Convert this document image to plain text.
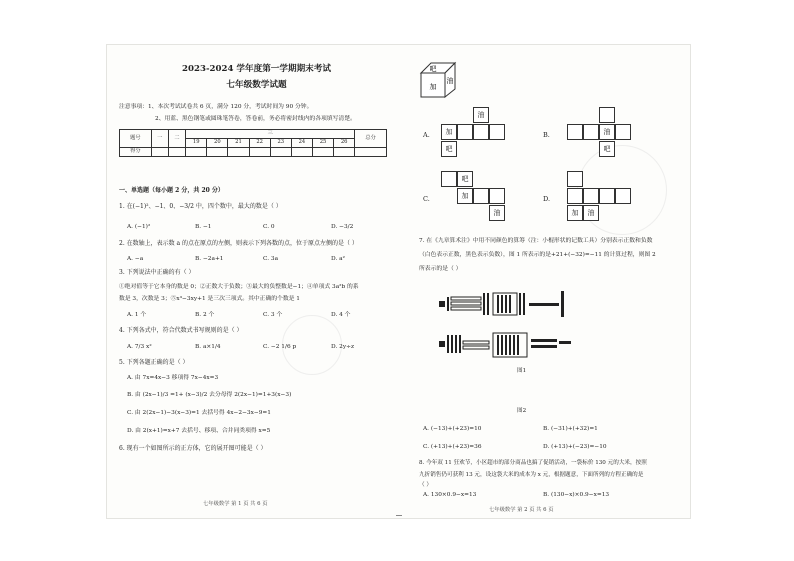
2023-2024 学年度第一学期期末考试
七年级数学试题
注意事项：1、本次考试试卷共 6 页，满分 120 分，考试时间为 90 分钟。
2、用蓝、黑色钢笔或圆珠笔答卷，答卷前，务必将密封线内的各项填写清楚。
题号	一	二	三								总分
			19	20	21	22	23	24	25	26	
得分											
一、单选题（每小题 2 分，共 20 分）
1. 在(−1)²、−1、0、−3/2 中，四个数中，最大的数是（ ）
A. (−1)²	B. −1	C. 0	D. −3/2
2. 在数轴上，表示数 a 的点在原点的左侧，则表示下列各数的点，位于原点左侧的是（ ）
A. −a	B. −2a+1	C. 3a	D. a²
3. 下列说法中正确的有（ ）
①绝对值等于它本身的数是 0；②正数大于负数；③最大的负整数是−1；④单项式 3a²b 的系
数是 3，次数是 3；⑤x³−3xy+1 是三次三项式。其中正确的个数是 1
A. 1 个	B. 2 个	C. 3 个	D. 4 个
4. 下列各式中，符合代数式书写规则的是（ ）
A. 7/3 x²	B. a×1/4	C. −2 1/6 p	D. 2y÷z
5. 下列各题正确的是（ ）
A. 由 7x=4x−3 移项得 7x−4x=3
B. 由 (2x−1)/3 =1+ (x−3)/2 去分母得 2(2x−1)=1+3(x−3)
C. 由 2(2x−1)−3(x−3)=1 去括号得 4x−2−3x−9=1
D. 由 2(x+1)=x+7 去括号、移项、合并同类项得 x=5
6. 现有一个如图所示的正方体，它的展开图可能是（ ）
七年级数学 第 1 页 共 6 页
吧
油
加
A.
油
加
吧
B.	油
吧
C.
吧
加
油
D.
加	油
7. 在《九章算术注》中用不同颜色的算筹（注：小棍形状的记数工具）分别表示正数和负数
（白色表示正数，黑色表示负数），图 1 所表示的是+21+(−32)=−11 的计算过程，则图 2
所表示的是（ ）
图1
图2
A. (−13)+(+23)=10	B. (−31)+(+32)=1
C. (+13)+(+23)=36	D. (+13)+(−23)=−10
8. 今年双 11 狂欢节，小区超市的部分商品也搞了促销活动，一袋标价 130 元的大米，按照
九折销售仍可获利 13 元，设这袋大米的成本为 x 元，根据题意，下面所列的方程正确的是
（ ）
A. 130×0.9−x=13	B. (130−x)×0.9−x=13
七年级数学 第 2 页 共 6 页
